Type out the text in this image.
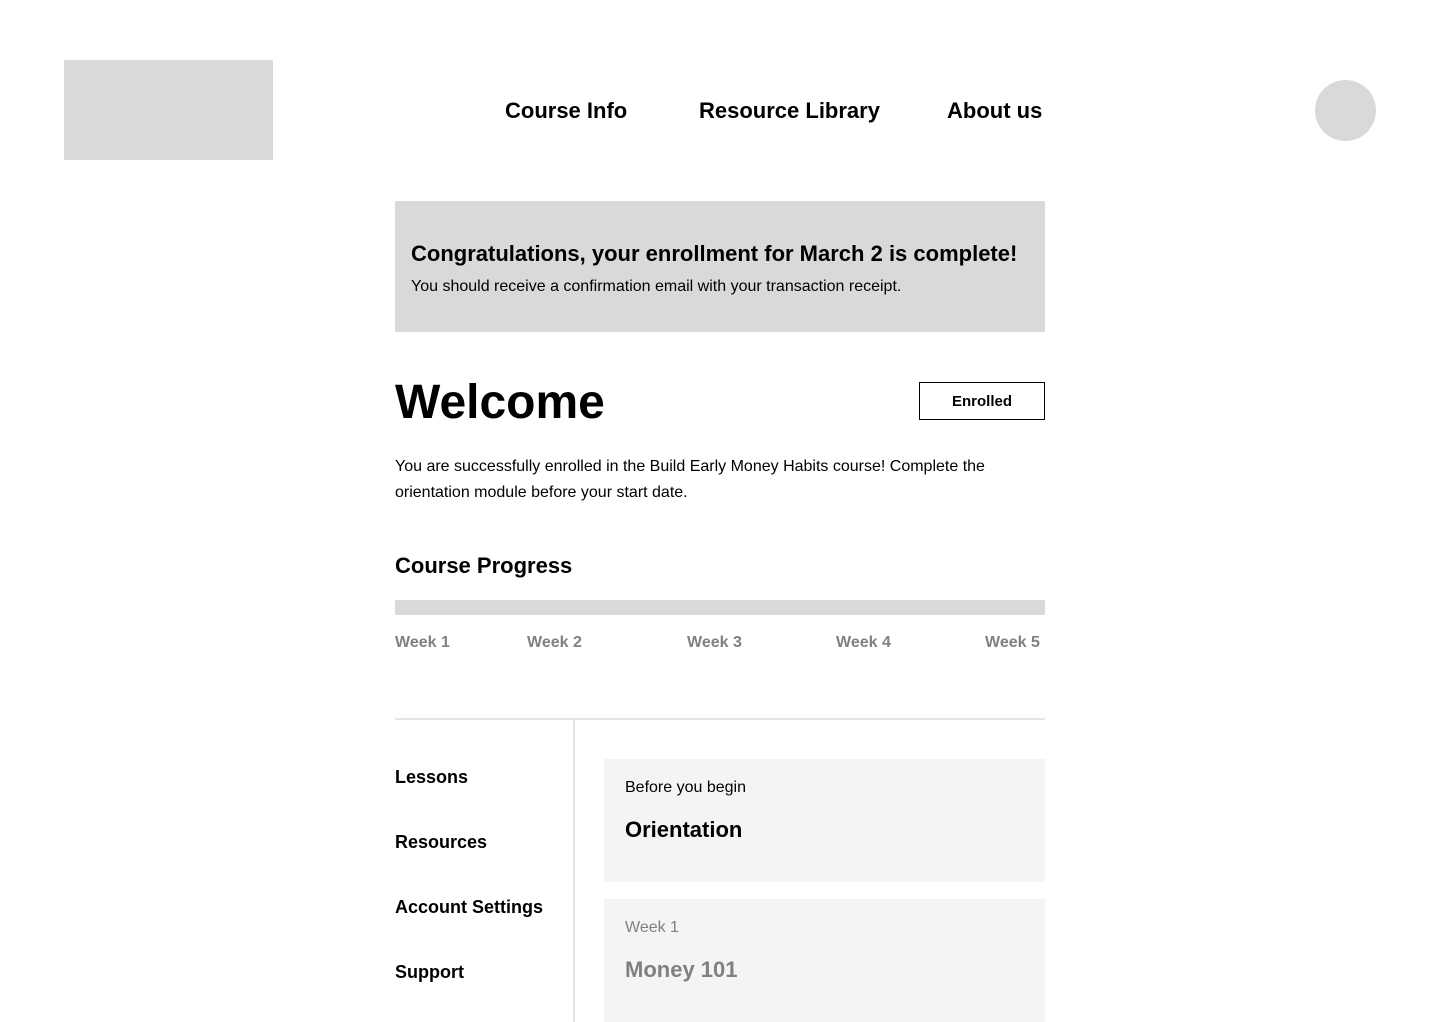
Course Info	Resource Library	About us
Congratulations, your enrollment for March 2 is complete!
You should receive a confirmation email with your transaction receipt.
Welcome	Enrolled

You are successfully enrolled in the Build Early Money Habits course! Complete the orientation module before your start date.

Course Progress
Week 1	Week 2	Week 3	Week 4	Week 5
Lessons
Resources
Account Settings
Support
Before you begin
Orientation
Week 1
Money 101
